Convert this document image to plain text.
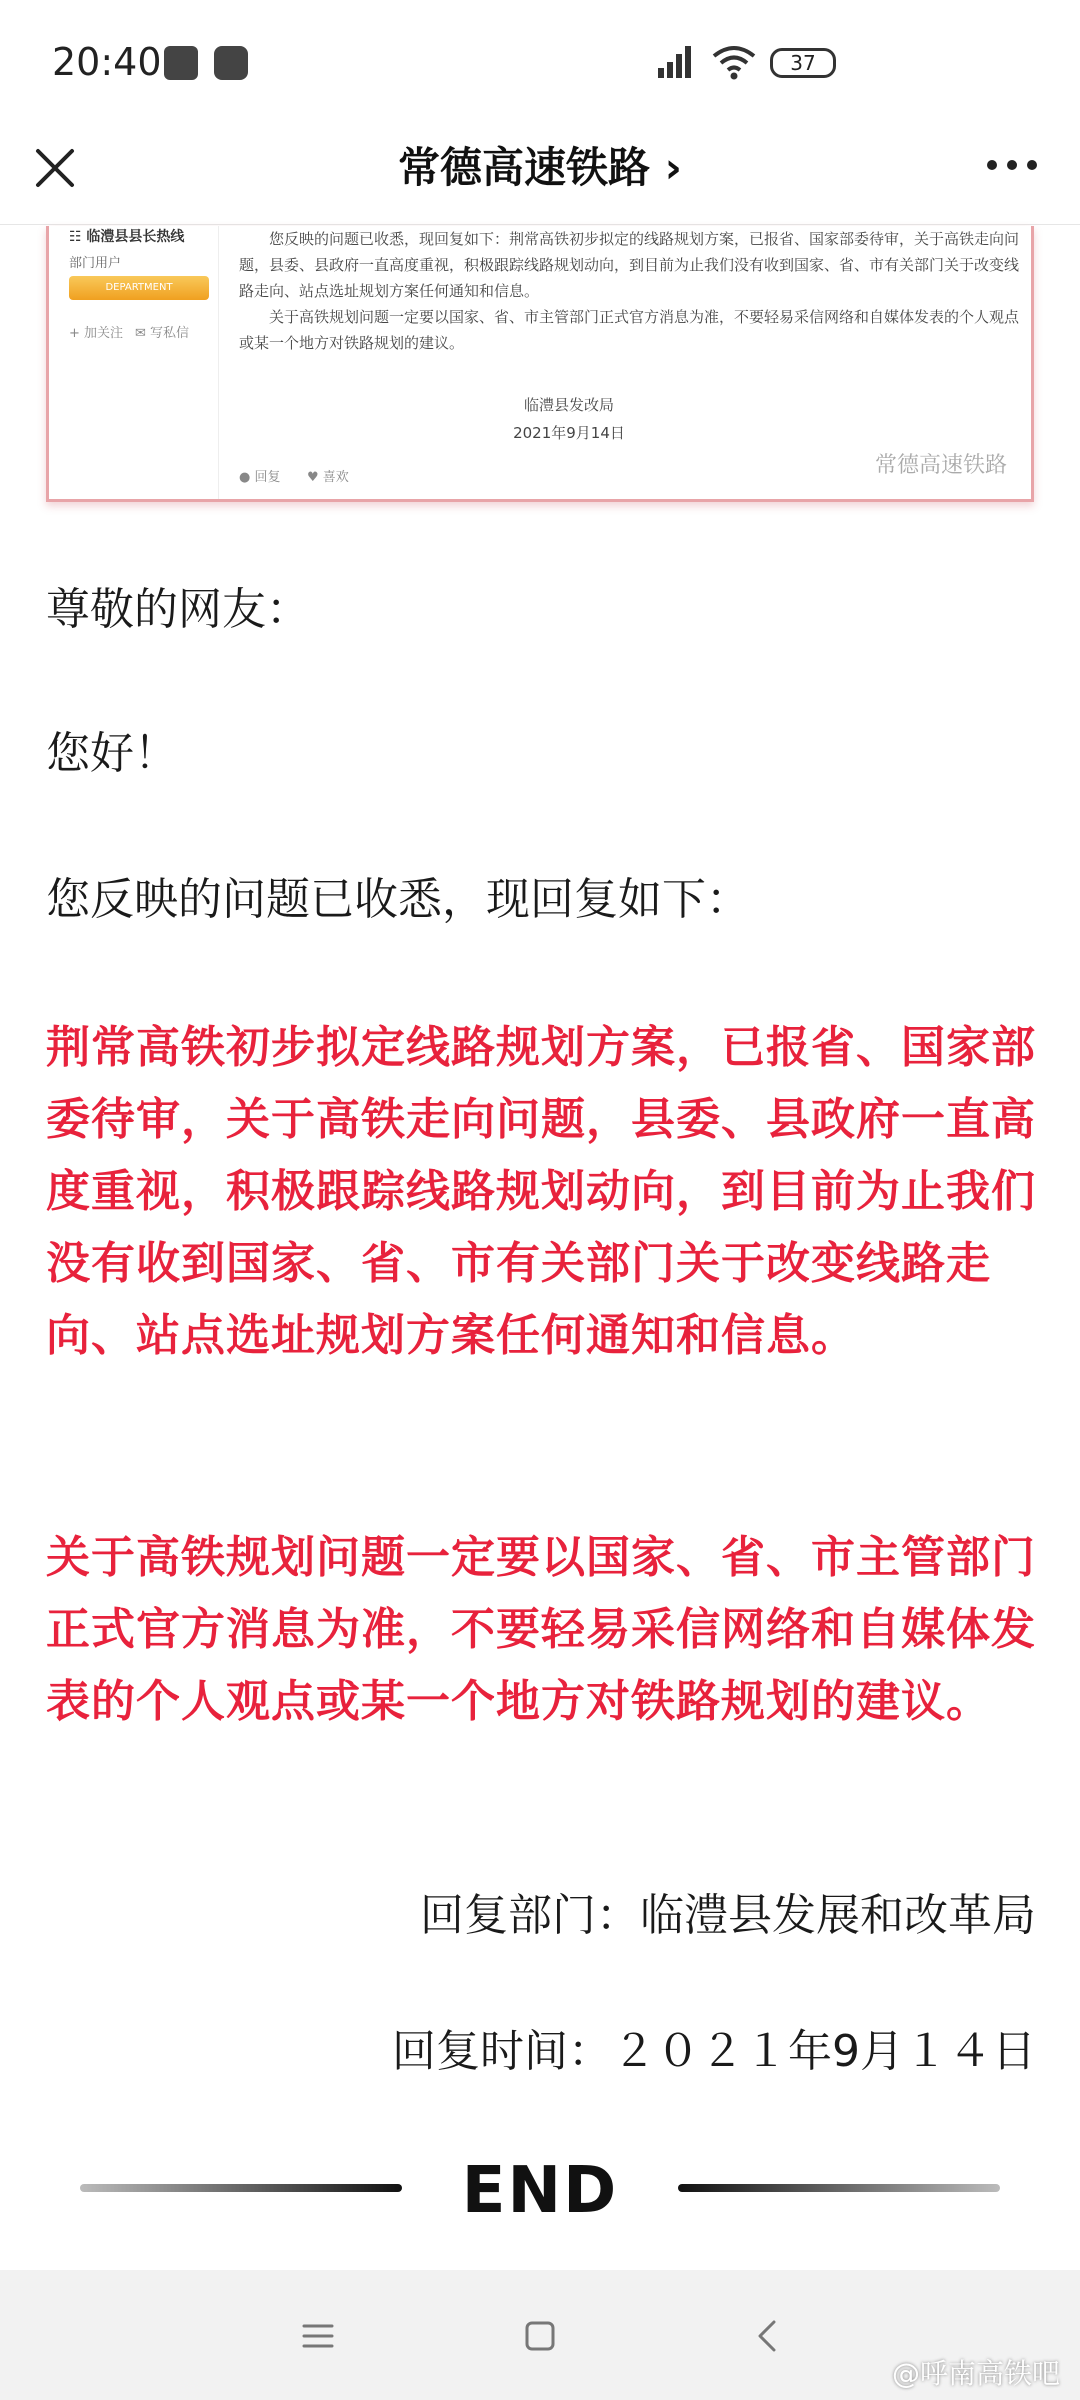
20:40	37
常德高速铁路 ›
☷ 临澧县县长热线
部门用户
DEPARTMENT
+ 加关注 ✉ 写私信

您反映的问题已收悉，现回复如下：荆常高铁初步拟定的线路规划方案，已报省、国家部委待审，关于高铁走向问题，县委、县政府一直高度重视，积极跟踪线路规划动向，到目前为止我们没有收到国家、省、市有关部门关于改变线路走向、站点选址规划方案任何通知和信息。

关于高铁规划问题一定要以国家、省、市主管部门正式官方消息为准，不要轻易采信网络和自媒体发表的个人观点或某一个地方对铁路规划的建议。

临澧县发改局
2021年9月14日
● 回复 ♥ 喜欢	常德高速铁路
尊敬的网友：
您好！
您反映的问题已收悉，现回复如下：
荆常高铁初步拟定线路规划方案，已报省、国家部委待审，关于高铁走向问题，县委、县政府一直高度重视，积极跟踪线路规划动向，到目前为止我们没有收到国家、省、市有关部门关于改变线路走向、站点选址规划方案任何通知和信息。
关于高铁规划问题一定要以国家、省、市主管部门正式官方消息为准，不要轻易采信网络和自媒体发表的个人观点或某一个地方对铁路规划的建议。
回复部门：临澧县发展和改革局
回复时间：２０２１年9月１４日
END
@呼南高铁吧
